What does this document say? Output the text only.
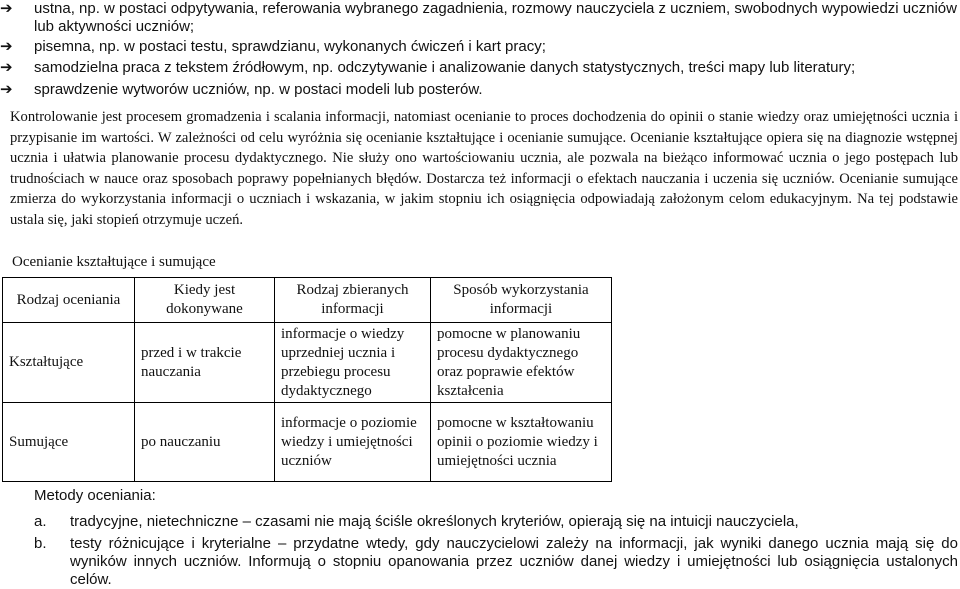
➔	ustna, np. w postaci odpytywania, referowania wybranego zagadnienia, rozmowy nauczyciela z uczniem, swobodnych wypowiedzi uczniów lub aktywności uczniów;
➔	pisemna, np. w postaci testu, sprawdzianu, wykonanych ćwiczeń i kart pracy;
➔	samodzielna praca z tekstem źródłowym, np. odczytywanie i analizowanie danych statystycznych, treści mapy lub literatury;
➔	sprawdzenie wytworów uczniów, np. w postaci modeli lub posterów.
Kontrolowanie jest procesem gromadzenia i scalania informacji, natomiast ocenianie to proces dochodzenia do opinii o stanie wiedzy oraz umiejętności ucznia i przypisanie im wartości. W zależności od celu wyróżnia się ocenianie kształtujące i ocenianie sumujące. Ocenianie kształtujące opiera się na diagnozie wstępnej ucznia i ułatwia planowanie procesu dydaktycznego. Nie służy ono wartościowaniu ucznia, ale pozwala na bieżąco informować ucznia o jego postępach lub trudnościach w nauce oraz sposobach poprawy popełnianych błędów. Dostarcza też informacji o efektach nauczania i uczenia się uczniów. Ocenianie sumujące zmierza do wykorzystania informacji o uczniach i wskazania, w jakim stopniu ich osiągnięcia odpowiadają założonym celom edukacyjnym. Na tej podstawie ustala się, jaki stopień otrzymuje uczeń.
Ocenianie kształtujące i sumujące
Rodzaj oceniania	Kiedy jest dokonywane	Rodzaj zbieranych informacji	Sposób wykorzystania informacji
Kształtujące	przed i w trakcie nauczania	informacje o wiedzy uprzedniej ucznia i przebiegu procesu dydaktycznego	pomocne w planowaniu procesu dydaktycznego oraz poprawie efektów kształcenia
Sumujące	po nauczaniu	informacje o poziomie wiedzy i umiejętności uczniów	pomocne w kształtowaniu opinii o poziomie wiedzy i umiejętności ucznia
Metody oceniania:
a. tradycyjne, nietechniczne – czasami nie mają ściśle określonych kryteriów, opierają się na intuicji nauczyciela,
b. testy różnicujące i kryterialne – przydatne wtedy, gdy nauczycielowi zależy na informacji, jak wyniki danego ucznia mają się do wyników innych uczniów. Informują o stopniu opanowania przez uczniów danej wiedzy i umiejętności lub osiągnięcia ustalonych celów.
